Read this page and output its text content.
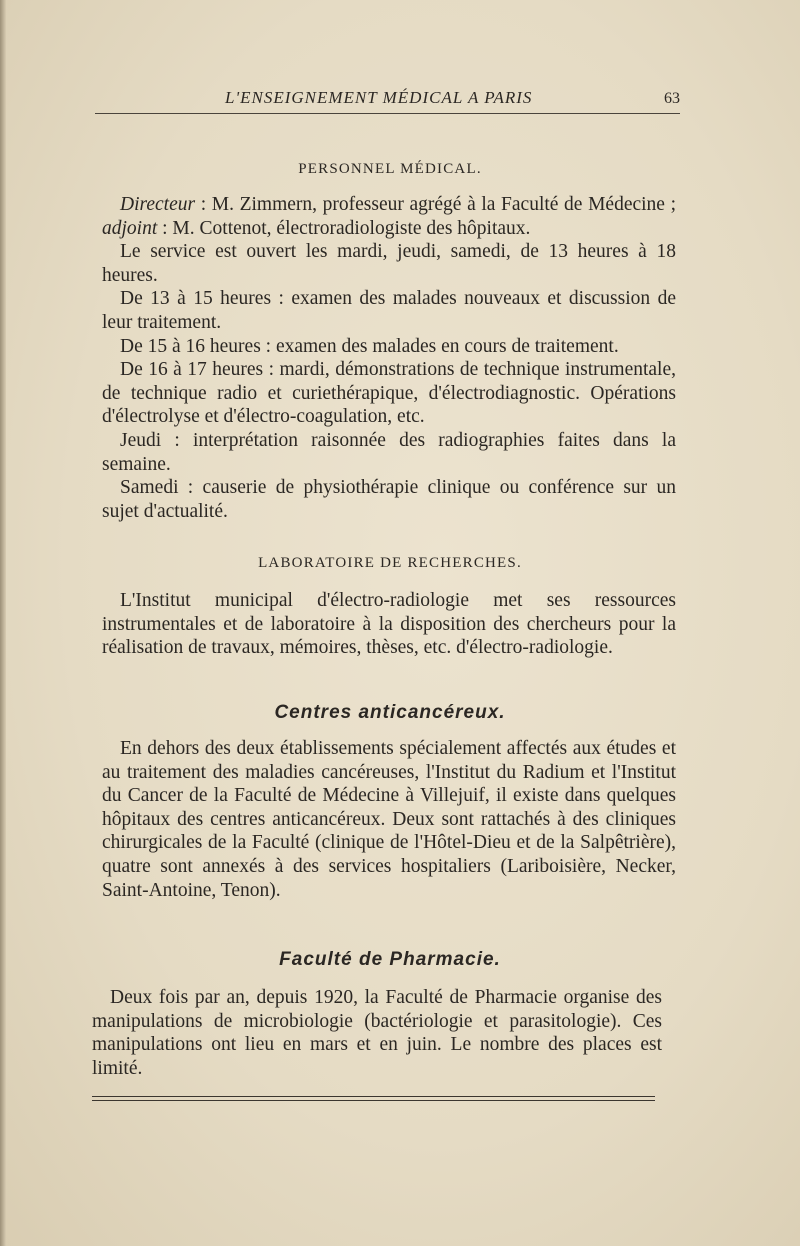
L'ENSEIGNEMENT MÉDICAL A PARIS	63
PERSONNEL MÉDICAL.

Directeur : M. Zimmern, professeur agrégé à la Faculté de Médecine ; adjoint : M. Cottenot, électroradiologiste des hôpitaux.

Le service est ouvert les mardi, jeudi, samedi, de 13 heures à 18 heures.

De 13 à 15 heures : examen des malades nouveaux et discussion de leur traitement.

De 15 à 16 heures : examen des malades en cours de traitement.

De 16 à 17 heures : mardi, démonstrations de technique instrumentale, de technique radio et curiethérapique, d'électrodiagnostic. Opérations d'électrolyse et d'électro-coagulation, etc.

Jeudi : interprétation raisonnée des radiographies faites dans la semaine.

Samedi : causerie de physiothérapie clinique ou conférence sur un sujet d'actualité.

LABORATOIRE DE RECHERCHES.

L'Institut municipal d'électro-radiologie met ses ressources instrumentales et de laboratoire à la disposition des chercheurs pour la réalisation de travaux, mémoires, thèses, etc. d'électro-radiologie.

Centres anticancéreux.

En dehors des deux établissements spécialement affectés aux études et au traitement des maladies cancéreuses, l'Institut du Radium et l'Institut du Cancer de la Faculté de Médecine à Villejuif, il existe dans quelques hôpitaux des centres anticancéreux. Deux sont rattachés à des cliniques chirurgicales de la Faculté (clinique de l'Hôtel-Dieu et de la Salpêtrière), quatre sont annexés à des services hospitaliers (Lariboisière, Necker, Saint-Antoine, Tenon).

Faculté de Pharmacie.

Deux fois par an, depuis 1920, la Faculté de Pharmacie organise des manipulations de microbiologie (bactériologie et parasitologie). Ces manipulations ont lieu en mars et en juin. Le nombre des places est limité.
